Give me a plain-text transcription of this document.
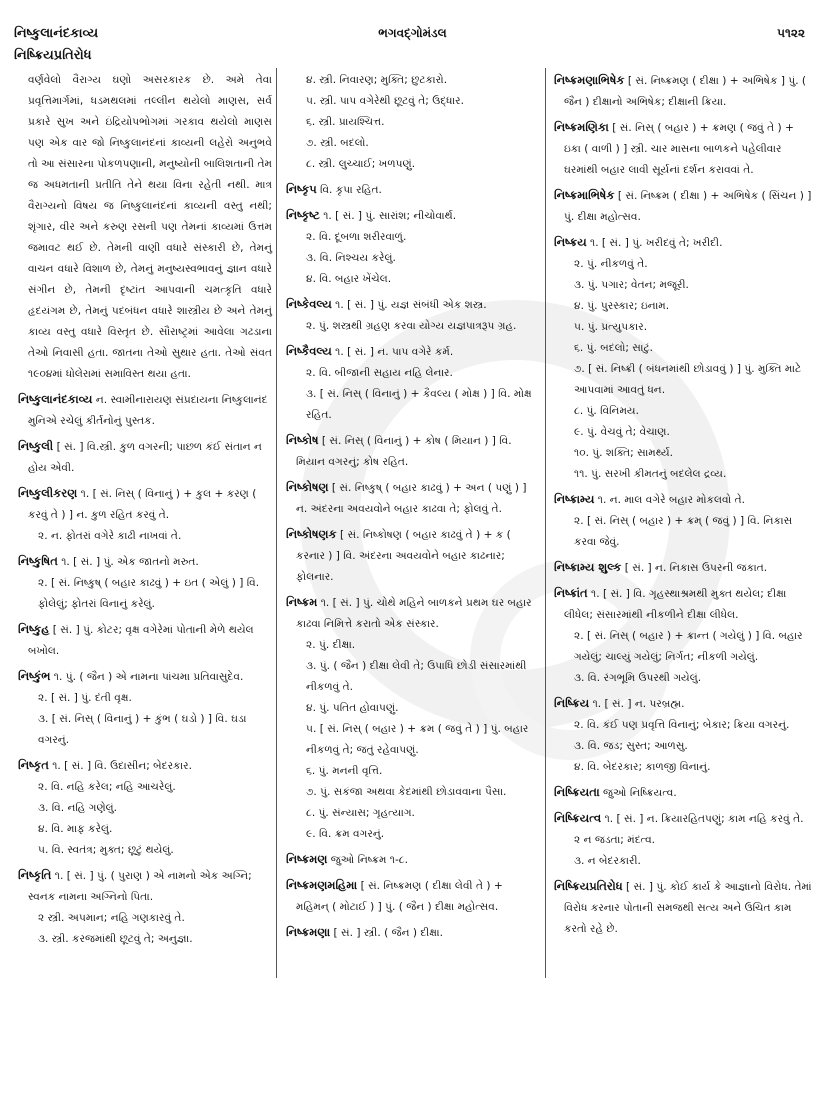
નિષ્કુલાનંદકાવ્ય
નિષ્ક્રિયપ્રતિરોધ
ભગવદ્ગોમંડલ	૫૧૨૨

વર્ણવેલો વૈરાગ્ય ઘણો અસરકારક છે. અમે તેવા પ્રવૃત્તિમાર્ગમાં, ધડમથલમાં તલ્લીન થયેલો માણસ, સર્વ પ્રકારે સુખ અને ઇંદ્રિયોપભોગમાં ગરકાવ થયેલો માણસ પણ એક વાર જો નિષ્કુલાનંદનાં કાવ્યની લહેરો અનુભવે તો આ સંસારના પોકળપણાની, મનુષ્યોની બાલિશતાની તેમ જ અધમતાની પ્રતીતિ તેને થયા વિના રહેતી નથી. માત્ર વૈરાગ્યનો વિષય જ નિષ્કુલાનંદનાં કાવ્યની વસ્તુ નથી; શૃંગાર, વીર અને કરુણ રસની પણ તેમનાં કાવ્યમાં ઉત્તમ જમાવટ થઈ છે. તેમની વાણી વધારે સંસ્કારી છે, તેમનું વાચન વધારે વિશાળ છે, તેમનું મનુષ્યસ્વભાવનું જ્ઞાન વધારે સંગીન છે, તેમની દૃષ્ટાંત આપવાની ચમત્કૃતિ વધારે હૃદયંગમ છે, તેમનું પદબંધન વધારે શાસ્ત્રીય છે અને તેમનું કાવ્ય વસ્તુ વધારે વિસ્તૃત છે. સૌરાષ્ટ્રમાં આવેલા ગઢડાના તેઓ નિવાસી હતા. જાતના તેઓ સુથાર હતા. તેઓ સંવત ૧૯૦૪માં ધોલેરામાં સમાવિસ્ત થયા હતા.

નિષ્કુલાનંદકાવ્ય ન. સ્વામીનારાયણ સંપ્રદાયના નિષ્કુલાનંદ મુનિએ રચેલું કીર્તનોનું પુસ્તક.
નિષ્કુલી [ સં. ] વિ.સ્ત્રી. કુળ વગરની; પાછળ કંઈ સંતાન ન હોય એવી.
નિષ્કુલીકરણ ૧. [ સં. નિસ્ ( વિનાનું ) + કુલ + કરણ ( કરવું તે ) ] ન. કુળ રહિત કરવું તે.
૨. ન. ફોતરાં વગેરે કાઢી નાખવાં તે.
નિષ્કુષિત ૧. [ સં. ] પું. એક જાતનો મરુત.
૨. [ સં. નિષ્કુષ્ ( બહાર કાઢવું ) + ઇત ( એલું ) ] વિ. ફોલેલું; ફોતરાં વિનાનું કરેલું.
નિષ્કુહ [ સં. ] પું. કોટર; વૃક્ષ વગેરેમાં પોતાની મેળે થયેલ બખોલ.
નિષ્કુંભ ૧. પું. ( જૈન ) એ નામના પાંચમા પ્રતિવાસુદેવ.
૨. [ સં. ] પું. દંતી વૃક્ષ.
૩. [ સં. નિસ્ ( વિનાનું ) + કુંભ ( ઘડો ) ] વિ. ઘડા વગરનું.
નિષ્કૃત ૧. [ સં. ] વિ. ઉદાસીન; બેદરકાર.
૨. વિ. નહિ કરેલ; નહિ આચરેલું.
૩. વિ. નહિ ગણેલું.
૪. વિ. માફ કરેલું.
૫. વિ. સ્વતંત્ર; મુક્ત; છૂટું થયેલું.
નિષ્કૃતિ ૧. [ સં. ] પું. ( પુરાણ ) એ નામનો એક અગ્નિ; સ્વનક નામના અગ્નિનો પિતા.
૨ સ્ત્રી. અપમાન; નહિ ગણકારવું તે.
૩. સ્ત્રી. કરજમાંથી છૂટવું તે; અનુજ્ઞા.
૪. સ્ત્રી. નિવારણ; મુક્તિ; છુટકારો.
૫. સ્ત્રી. પાપ વગેરેથી છૂટવું તે; ઉદ્ધાર.
૬. સ્ત્રી. પ્રાયશ્ચિત્ત.
૭. સ્ત્રી. બદલો.
૮. સ્ત્રી. લુચ્ચાઈ; ખળપણું.
નિષ્કૃપ વિ. કૃપા રહિત.
નિષ્કૃષ્ટ ૧. [ સં. ] પું. સારાંશ; નીચોવાર્થ.
૨. વિ. દૂબળા શરીરવાળું.
૩. વિ. નિશ્ચય કરેલું.
૪. વિ. બહાર ખેંચેલ.
નિષ્કેવલ્ય ૧. [ સં. ] પું. યજ્ઞ સંબંધી એક શસ્ત્ર.
૨. પું. શસ્ત્રથી ગ્રહણ કરવા યોગ્ય યજ્ઞપાત્રરૂપ ગ્રહ.
નિષ્કૈવલ્ય ૧. [ સં. ] ન. પાપ વગેરે કર્મ.
૨. વિ. બીજાની સહાય નહિ લેનાર.
૩. [ સં. નિસ્ ( વિનાનું ) + કૈવલ્ય ( મોક્ષ ) ] વિ. મોક્ષ રહિત.
નિષ્કોષ [ સં. નિસ્ ( વિનાનું ) + કોષ ( મિયાન ) ] વિ. મિયાન વગરનું; કોષ રહિત.
નિષ્કોષણ [ સં. નિષ્કુષ્ ( બહાર કાઢવું ) + અન ( પણું ) ] ન. અંદરના અવયવોને બહાર કાઢવા તે; ફોલવું તે.
નિષ્કોષણક [ સં. નિષ્કોષણ ( બહાર કાઢવું તે ) + ક ( કરનાર ) ] વિ. અંદરના અવયવોને બહાર કાઢનાર; ફોલનાર.
નિષ્ક્રમ ૧. [ સં. ] પું. ચોથે મહિને બાળકને પ્રથમ ઘર બહાર કાઢવા નિમિત્તે કરાતો એક સંસ્કાર.
૨. પું. દીક્ષા.
૩. પું. ( જૈન ) દીક્ષા લેવી તે; ઉપાધિ છોડી સંસારમાંથી નીકળવું તે.
૪. પું. પતિત હોવાપણું.
૫. [ સં. નિસ્ ( બહાર ) + ક્રમ ( જવું તે ) ] પું. બહાર નીકળવું તે; જતું રહેવાપણું.
૬. પું. મનની વૃત્તિ.
૭. પું. સકંજા અથવા કેદમાંથી છોડાવવાના પૈસા.
૮. પું. સંન્યાસ; ગૃહત્યાગ.
૯. વિ. ક્રમ વગરનું.
નિષ્ક્રમણ જુઓ નિષ્ક્રમ ૧-૮.
નિષ્ક્રમણમહિમા [ સં. નિષ્ક્રમણ ( દીક્ષા લેવી તે ) + મહિમન્ ( મોટાઈ ) ] પું. ( જૈન ) દીક્ષા મહોત્સવ.
નિષ્ક્રમણા [ સં. ] સ્ત્રી. ( જૈન ) દીક્ષા.
નિષ્ક્રમણાભિષેક [ સં. નિષ્ક્રમણ ( દીક્ષા ) + અભિષેક ] પું. ( જૈન ) દીક્ષાનો અભિષેક; દીક્ષાની ક્રિયા.
નિષ્ક્રમણિકા [ સં. નિસ્ ( બહાર ) + ક્રમણ ( જવું તે ) + ઇકા ( વાળી ) ] સ્ત્રી. ચાર માસના બાળકને પહેલીવાર ઘરમાંથી બહાર લાવી સૂર્યનાં દર્શન કરાવવાં તે.
નિષ્ક્રમાભિષેક [ સં. નિષ્ક્રમ ( દીક્ષા ) + અભિષેક ( સિંચન ) ] પું. દીક્ષા મહોત્સવ.
નિષ્ક્રય ૧. [ સં. ] પું. ખરીદવું તે; ખરીદી.
૨. પું. નીકળવું તે.
૩. પું. પગાર; વેતન; મજૂરી.
૪. પું. પુરસ્કાર; ઇનામ.
૫. પું. પ્રત્યુપકાર.
૬. પું. બદલો; સાટું.
૭. [ સં. નિષ્ક્રી ( બંધનમાંથી છોડાવવું ) ] પું. મુક્તિ માટે આપવામાં આવતું ધન.
૮. પું. વિનિમય.
૯. પું. વેચવું તે; વેચાણ.
૧૦. પું. શક્તિ; સામર્થ્ય.
૧૧. પું. સરખી કીમતનું બદલેલ દ્રવ્ય.
નિષ્ક્રામ્ય ૧. ન. માલ વગેરે બહાર મોકલવો તે.
૨. [ સં. નિસ્ ( બહાર ) + ક્રમ્ ( જવું ) ] વિ. નિકાસ કરવા જેવું.
નિષ્ક્રામ્ય શુલ્ક [ સં. ] ન. નિકાસ ઉપરની જકાત.
નિષ્ક્રાંત ૧. [ સં. ] વિ. ગૃહસ્થાશ્રમથી મુક્ત થયેલ; દીક્ષા લીધેલ; સંસારમાંથી નીકળીને દીક્ષા લીધેલ.
૨. [ સં. નિસ્ ( બહાર ) + ક્રાન્ત ( ગયેલું ) ] વિ. બહાર ગયેલું; ચાલ્યું ગયેલું; નિર્ગત; નીકળી ગયેલું.
૩. વિ. રંગભૂમિ ઉપરથી ગયેલું.
નિષ્ક્રિય ૧. [ સં. ] ન. પરબ્રહ્મ.
૨. વિ. કંઈ પણ પ્રવૃત્તિ વિનાનું; બેકાર; ક્રિયા વગરનું.
૩. વિ. જડ; સુસ્ત; આળસુ.
૪. વિ. બેદરકાર; કાળજી વિનાનું.
નિષ્ક્રિયતા જુઓ નિષ્ક્રિયત્વ.
નિષ્ક્રિયત્વ ૧. [ સં. ] ન. ક્રિયારહિતપણું; કામ નહિ કરવું તે.
૨ ન જડતા; મંદત્વ.
૩. ન બેદરકારી.
નિષ્ક્રિયપ્રતિરોધ [ સં. ] પું. કોઈ કાર્ય કે આજ્ઞાનો વિરોધ. તેમાં વિરોધ કરનાર પોતાની સમજથી સત્ય અને ઉચિત કામ કરતો રહે છે.
